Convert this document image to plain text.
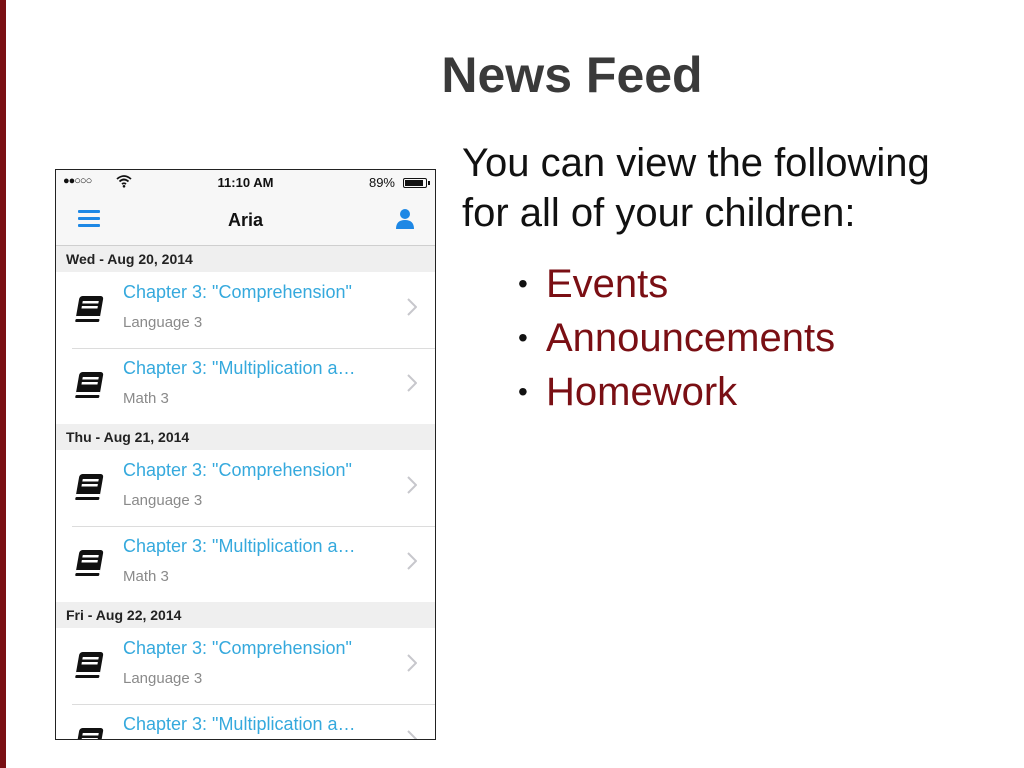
News Feed
●●○○○	11:10 AM	89%
Aria
Wed - Aug 20, 2014
Chapter 3: "Comprehension"
Language 3
Chapter 3: "Multiplication a…
Math 3
Thu - Aug 21, 2014
Chapter 3: "Comprehension"
Language 3
Chapter 3: "Multiplication a…
Math 3
Fri - Aug 22, 2014
Chapter 3: "Comprehension"
Language 3
Chapter 3: "Multiplication a…
You can view the following
for all of your children:
• Events
• Announcements
• Homework
